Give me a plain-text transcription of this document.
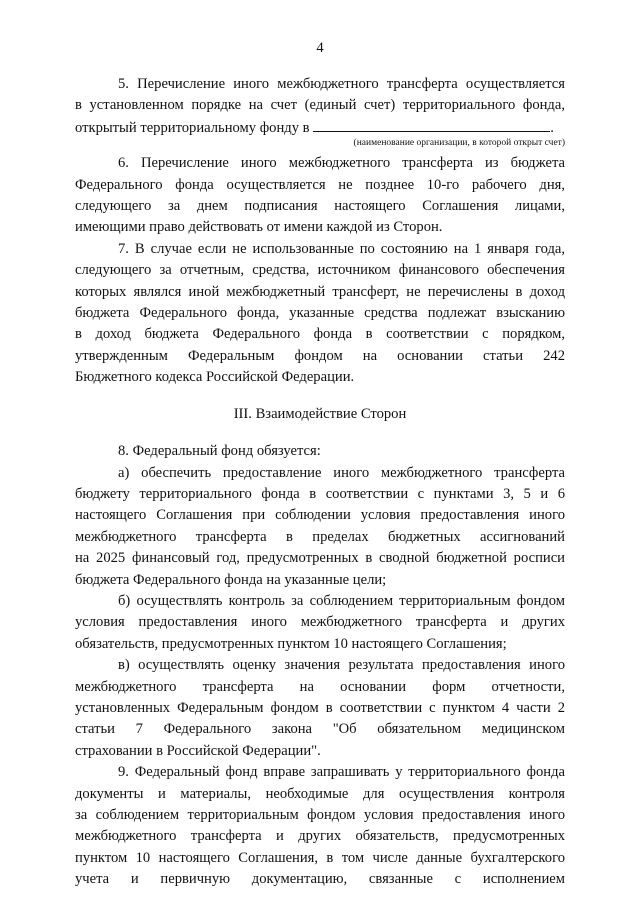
4

5. Перечисление иного межбюджетного трансферта осуществляется

в установленном порядке на счет (единый счет) территориального фонда,

открытый территориальному фонду в	.

(наименование организации, в которой открыт счет)

6. Перечисление иного межбюджетного трансферта из бюджета

Федерального фонда осуществляется не позднее 10-го рабочего дня,

следующего за днем подписания настоящего Соглашения лицами,

имеющими право действовать от имени каждой из Сторон.

7. В случае если не использованные по состоянию на 1 января года,

следующего за отчетным, средства, источником финансового обеспечения

которых являлся иной межбюджетный трансферт, не перечислены в доход

бюджета Федерального фонда, указанные средства подлежат взысканию

в доход бюджета Федерального фонда в соответствии с порядком,

утвержденным Федеральным фондом на основании статьи 242

Бюджетного кодекса Российской Федерации.

III. Взаимодействие Сторон

8. Федеральный фонд обязуется:

а) обеспечить предоставление иного межбюджетного трансферта

бюджету территориального фонда в соответствии с пунктами 3, 5 и 6

настоящего Соглашения при соблюдении условия предоставления иного

межбюджетного трансферта в пределах бюджетных ассигнований

на 2025 финансовый год, предусмотренных в сводной бюджетной росписи

бюджета Федерального фонда на указанные цели;

б) осуществлять контроль за соблюдением территориальным фондом

условия предоставления иного межбюджетного трансферта и других

обязательств, предусмотренных пунктом 10 настоящего Соглашения;

в) осуществлять оценку значения результата предоставления иного

межбюджетного трансферта на основании форм отчетности,

установленных Федеральным фондом в соответствии с пунктом 4 части 2

статьи 7 Федерального закона "Об обязательном медицинском

страховании в Российской Федерации".

9. Федеральный фонд вправе запрашивать у территориального фонда

документы и материалы, необходимые для осуществления контроля

за соблюдением территориальным фондом условия предоставления иного

межбюджетного трансферта и других обязательств, предусмотренных

пунктом 10 настоящего Соглашения, в том числе данные бухгалтерского

учета и первичную документацию, связанные с исполнением
